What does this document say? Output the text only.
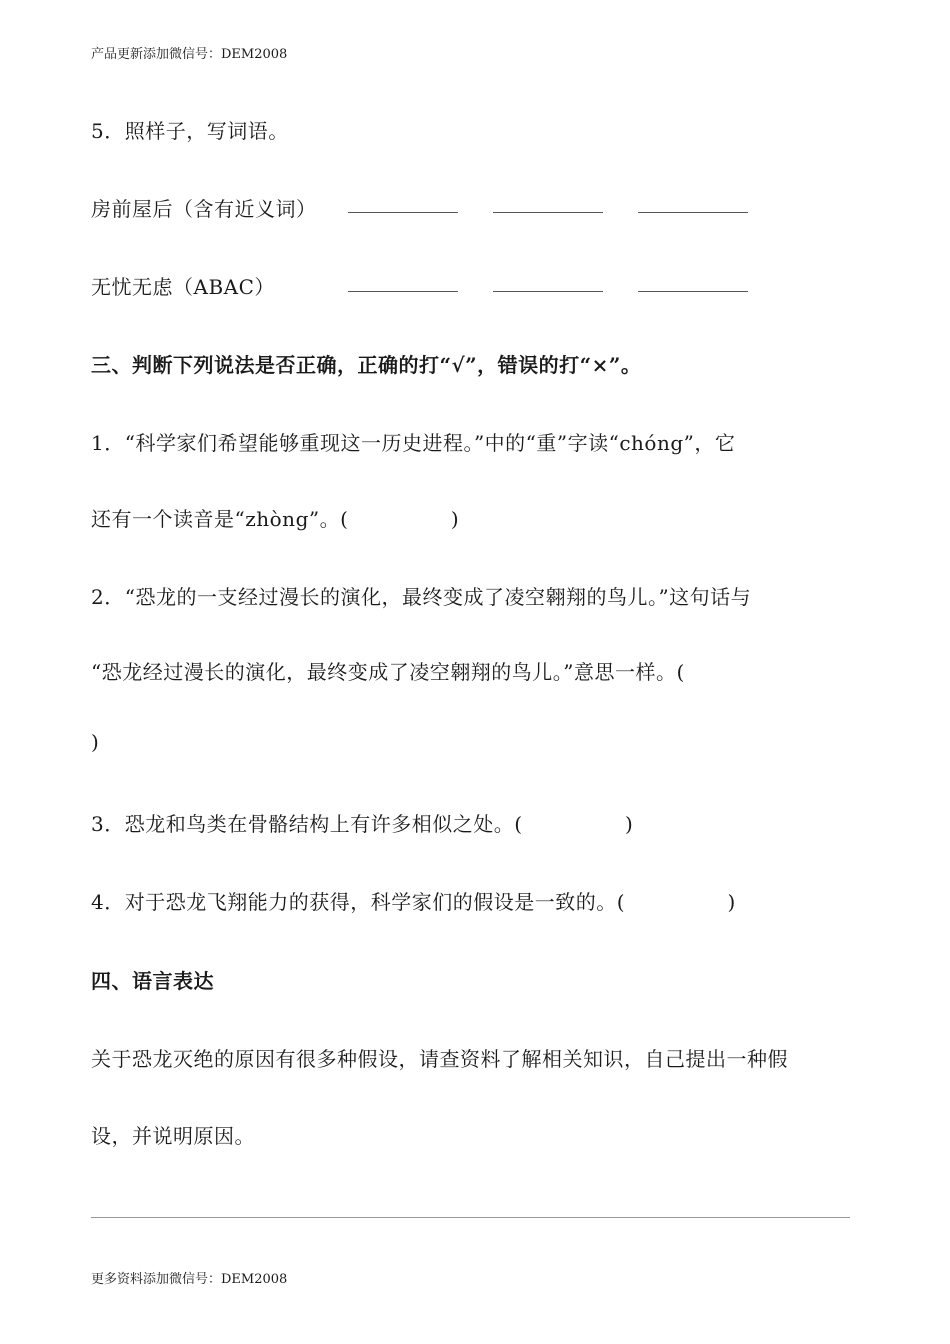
产品更新添加微信号：DEM2008
5．照样子，写词语。
房前屋后（含有近义词）
无忧无虑（ABAC）
三、判断下列说法是否正确，正确的打“√”，错误的打“×”。
1．“科学家们希望能够重现这一历史进程。”中的“重”字读“chóng”，它
还有一个读音是“zhòng”。(　　　　　)
2．“恐龙的一支经过漫长的演化，最终变成了凌空翱翔的鸟儿。”这句话与
“恐龙经过漫长的演化，最终变成了凌空翱翔的鸟儿。”意思一样。(
)
3．恐龙和鸟类在骨骼结构上有许多相似之处。(　　　　　)
4．对于恐龙飞翔能力的获得，科学家们的假设是一致的。(　　　　　)
四、语言表达
关于恐龙灭绝的原因有很多种假设，请查资料了解相关知识，自己提出一种假
设，并说明原因。
更多资料添加微信号：DEM2008
